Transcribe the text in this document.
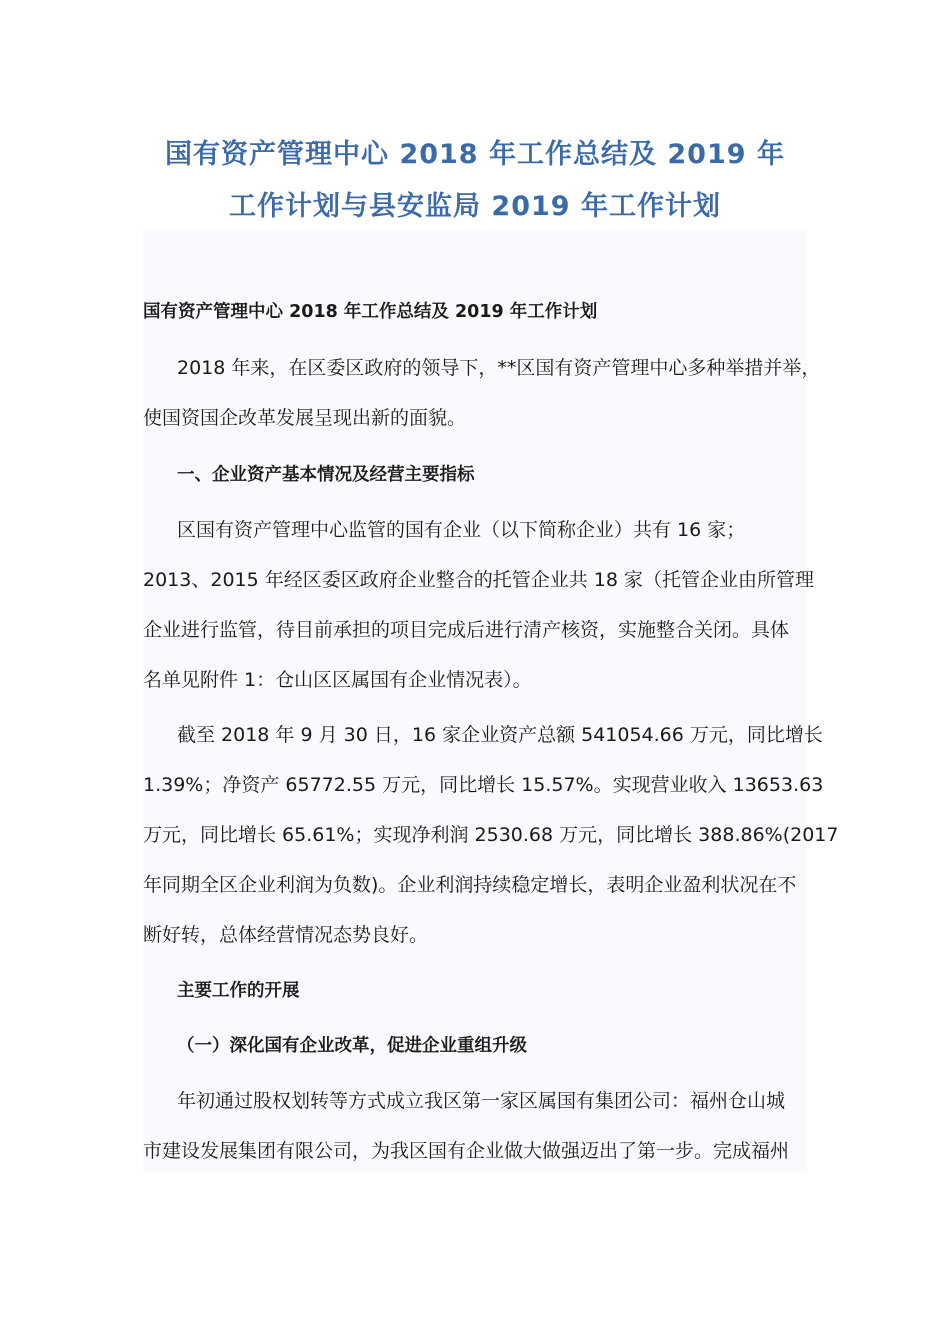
国有资产管理中心 2018 年工作总结及 2019 年
工作计划与县安监局 2019 年工作计划

国有资产管理中心 2018 年工作总结及 2019 年工作计划

2018 年来，在区委区政府的领导下，**区国有资产管理中心多种举措并举，

使国资国企改革发展呈现出新的面貌。

一、企业资产基本情况及经营主要指标

区国有资产管理中心监管的国有企业（以下简称企业）共有 16 家；

2013、2015 年经区委区政府企业整合的托管企业共 18 家（托管企业由所管理

企业进行监管，待目前承担的项目完成后进行清产核资，实施整合关闭。具体

名单见附件 1：仓山区区属国有企业情况表）。

截至 2018 年 9 月 30 日，16 家企业资产总额 541054.66 万元，同比增长

1.39%；净资产 65772.55 万元，同比增长 15.57%。实现营业收入 13653.63

万元，同比增长 65.61%；实现净利润 2530.68 万元，同比增长 388.86%(2017

年同期全区企业利润为负数)。企业利润持续稳定增长，表明企业盈利状况在不

断好转，总体经营情况态势良好。

主要工作的开展

（一）深化国有企业改革，促进企业重组升级

年初通过股权划转等方式成立我区第一家区属国有集团公司：福州仓山城

市建设发展集团有限公司，为我区国有企业做大做强迈出了第一步。完成福州
